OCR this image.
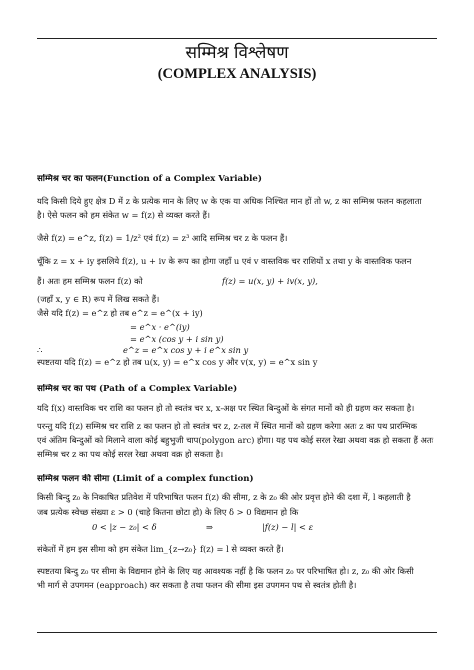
सम्मिश्र विश्लेषण
(COMPLEX ANALYSIS)
सम्मिश्र चर का फलन(Function of a Complex Variable)
यदि किसी दिये हुए क्षेत्र D में z के प्रत्येक मान के लिए w के एक या अधिक निश्चित मान हों तो w, z का सम्मिश्र फलन कहलाता
है। ऐसे फलन को हम संकेत w = f(z) से व्यक्त करते हैं।
जैसे f(z) = e^z, f(z) = 1/z² एवं f(z) = z³ आदि सम्मिश्र चर z के फलन हैं।
चूँकि z = x + iy इसलिये f(z), u + iv के रूप का होगा जहाँ u एवं v वास्तविक चर राशियों x तथा y के वास्तविक फलन
हैं। अतः हम सम्मिश्र फलन f(z) को	f(z) = u(x, y) + iv(x, y),
(जहाँ x, y ∈ R) रूप में लिख सकते हैं।
जैसे यदि f(z) = e^z हो तब e^z = e^(x + iy)
= e^x · e^(iy)
= e^x (cos y + i sin y)
∴	e^z = e^x cos y + i e^x sin y
स्पष्टतया यदि f(z) = e^z हो तब u(x, y) = e^x cos y और v(x, y) = e^x sin y
सम्मिश्र चर का पथ (Path of a Complex Variable)
यदि f(x) वास्तविक चर राशि का फलन हो तो स्वतंत्र चर x, x-अक्ष पर स्थित बिन्दुओं के संगत मानों को ही ग्रहण कर सकता है।
परन्तु यदि f(z) सम्मिश्र चर राशि z का फलन हो तो स्वतंत्र चर z, z-तल में स्थित मानों को ग्रहण करेगा अतः z का पथ प्रारम्भिक
एवं अंतिम बिन्दुओं को मिलाने वाला कोई बहुभुजी चाप(polygon arc) होगा। यह पथ कोई सरल रेखा अथवा वक्र हो सकता हैं अतः
सम्मिश्र चर z का पथ कोई सरल रेखा अथवा वक्र हो सकता है।
सम्मिश्र फलन की सीमा (Limit of a complex function)
किसी बिन्दु z₀ के निकाषित प्रतिवेश में परिभाषित फलन f(z) की सीमा, z के z₀ की ओर प्रवृत्त होने की दशा में, l कहलाती है
जब प्रत्येक स्वेच्छ संख्या ε > 0 (चाहे कितना छोटा हो) के लिए δ > 0 विद्यमान हो कि
0 < |z − z₀| < δ	⇒	|f(z) − l| < ε
संकेतों में हम इस सीमा को हम संकेत lim_{z→z₀} f(z) = l से व्यक्त करते हैं।
स्पष्टतया बिन्दु z₀ पर सीमा के विद्यमान होने के लिए यह आवश्यक नहीं है कि फलन z₀ पर परिभाषित हो। z, z₀ की ओर किसी
भी मार्ग से उपगमन (eapproach) कर सकता है तथा फलन की सीमा इस उपगमन पथ से स्वतंत्र होती है।
